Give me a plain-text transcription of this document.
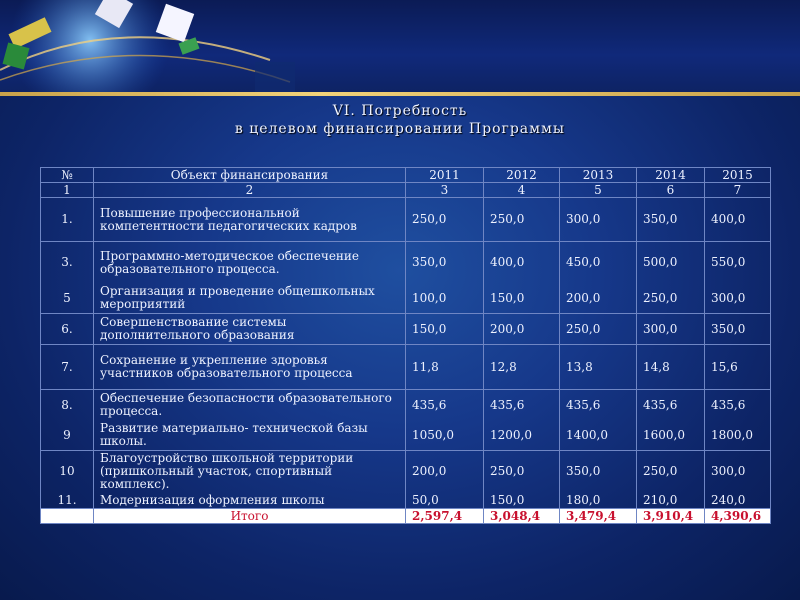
VI. Потребность
в целевом финансировании Программы
№	Объект финансирования	2011	2012	2013	2014	2015
1	2	3	4	5	6	7
1.	Повышение профессиональной компетентности педагогических кадров	250,0	250,0	300,0	350,0	400,0
3.	Программно-методическое обеспечение образовательного процесса.	350,0	400,0	450,0	500,0	550,0
5	Организация и проведение общешкольных мероприятий	100,0	150,0	200,0	250,0	300,0
6.	Совершенствование системы дополнительного образования	150,0	200,0	250,0	300,0	350,0
7.	Сохранение и укрепление здоровья участников образовательного процесса	11,8	12,8	13,8	14,8	15,6
8.	Обеспечение безопасности образовательного процесса.	435,6	435,6	435,6	435,6	435,6
9	Развитие материально- технической базы школы.	1050,0	1200,0	1400,0	1600,0	1800,0
10	Благоустройство школьной территории (пришкольный участок, спортивный комплекс).	200,0	250,0	350,0	250,0	300,0
11.	Модернизация оформления школы	50,0	150,0	180,0	210,0	240,0
	Итого	2,597,4	3,048,4	3,479,4	3,910,4	4,390,6
